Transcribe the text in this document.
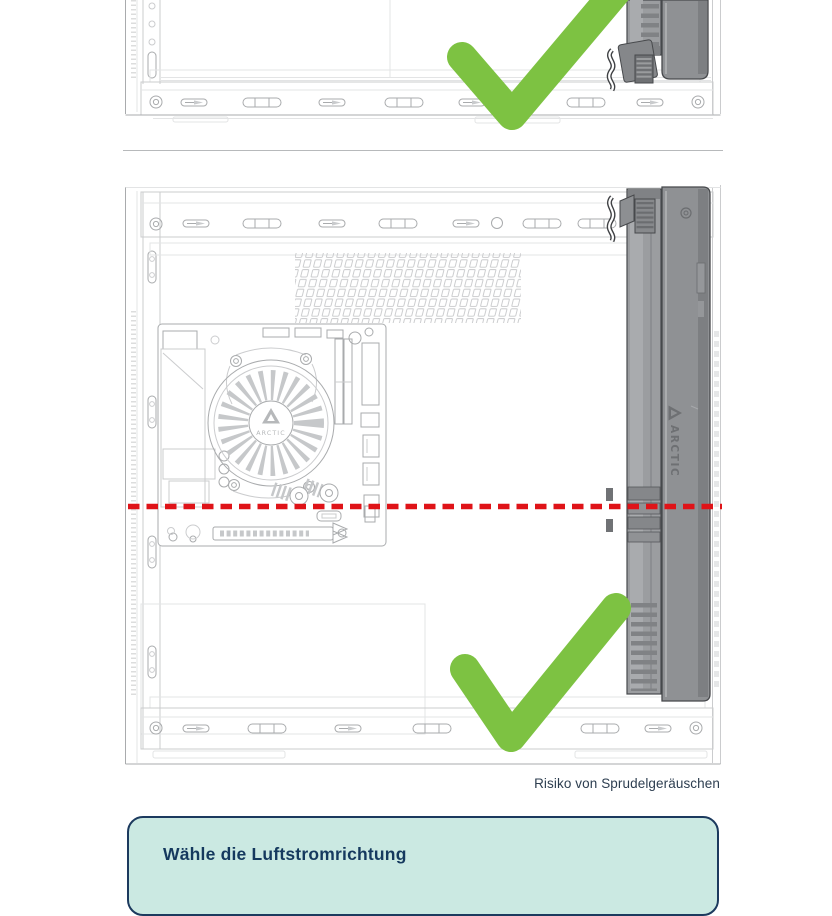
ARCTIC	ARCTIC
Risiko von Sprudelgeräuschen
Wähle die Luftstromrichtung
